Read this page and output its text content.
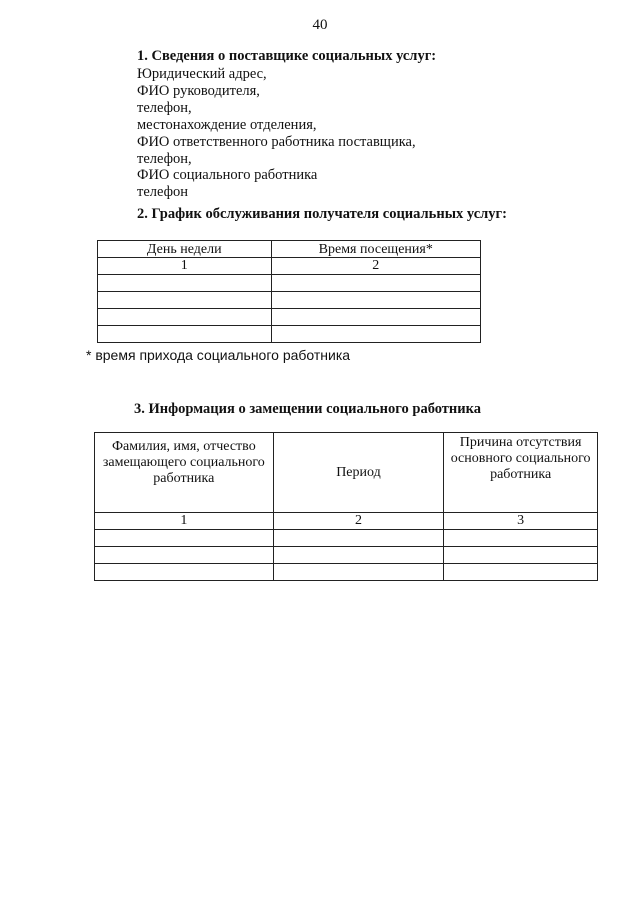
40
1. Сведения о поставщике социальных услуг:
Юридический адрес,
ФИО руководителя,
телефон,
местонахождение отделения,
ФИО ответственного работника поставщика,
телефон,
ФИО социального работника
телефон
2. График обслуживания получателя социальных услуг:
День недели	Время посещения*
1	2

* время прихода социального работника
3. Информация о замещении социального работника
Фамилия, имя, отчество замещающего социального работника	Период	Причина отсутствия основного социального работника
1	2	3
